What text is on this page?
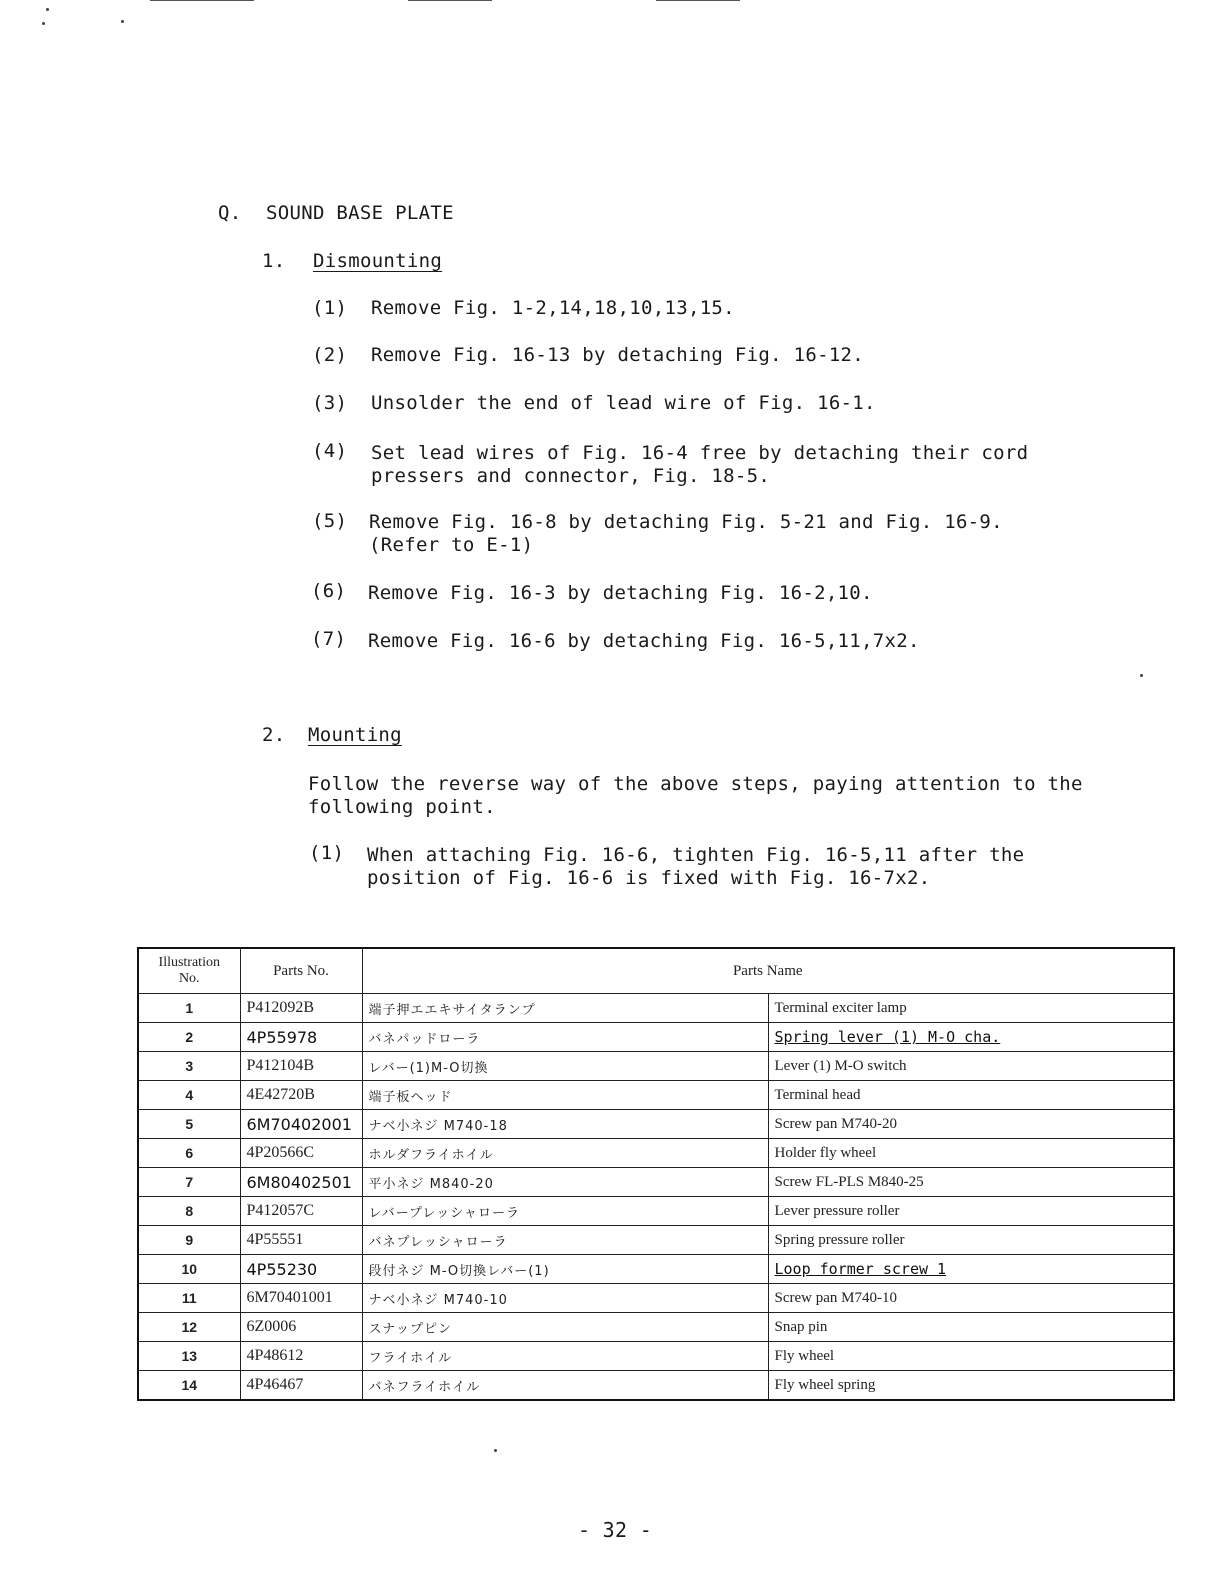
Q. SOUND BASE PLATE
1. Dismounting
(1)	Remove Fig. 1-2,14,18,10,13,15.
(2)	Remove Fig. 16-13 by detaching Fig. 16-12.
(3)	Unsolder the end of lead wire of Fig. 16-1.
(4)	Set lead wires of Fig. 16-4 free by detaching their cord
pressers and connector, Fig. 18-5.
(5)	Remove Fig. 16-8 by detaching Fig. 5-21 and Fig. 16-9.
(Refer to E-1)
(6)	Remove Fig. 16-3 by detaching Fig. 16-2,10.
(7)	Remove Fig. 16-6 by detaching Fig. 16-5,11,7x2.
2. Mounting
Follow the reverse way of the above steps, paying attention to the
following point.
(1)	When attaching Fig. 16-6, tighten Fig. 16-5,11 after the
position of Fig. 16-6 is fixed with Fig. 16-7x2.
Illustration
No.	Parts No.	Parts Name	
1	P412092B	端子押エエキサイタランプ	Terminal exciter lamp
2	4P55978	バネパッドローラ	Spring lever (1) M-O cha.
3	P412104B	レバー(1)M-O切換	Lever (1) M-O switch
4	4E42720B	端子板ヘッド	Terminal head
5	6M70402001	ナベ小ネジ M740-18	Screw pan M740-20
6	4P20566C	ホルダフライホイル	Holder fly wheel
7	6M80402501	平小ネジ M840-20	Screw FL-PLS M840-25
8	P412057C	レバープレッシャローラ	Lever pressure roller
9	4P55551	バネプレッシャローラ	Spring pressure roller
10	4P55230	段付ネジ M-O切換レバー(1)	Loop former screw 1
11	6M70401001	ナベ小ネジ M740-10	Screw pan M740-10
12	6Z0006	スナップピン	Snap pin
13	4P48612	フライホイル	Fly wheel
14	4P46467	バネフライホイル	Fly wheel spring
- 32 -
